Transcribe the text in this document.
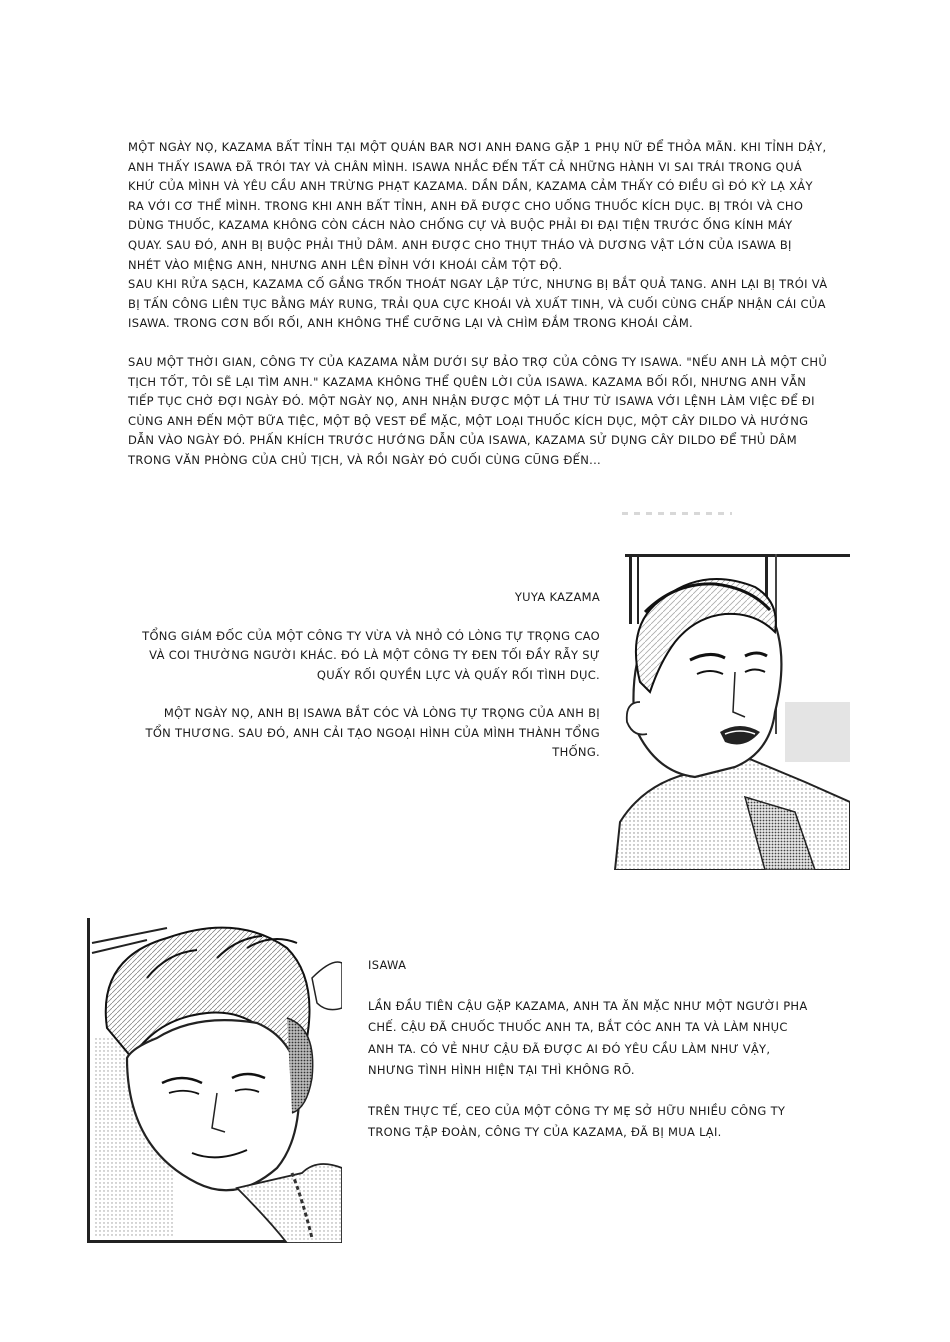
MỘT NGÀY NỌ, KAZAMA BẤT TỈNH TẠI MỘT QUÁN BAR NƠI ANH ĐANG GẶP 1 PHỤ NỮ ĐỂ THỎA MÃN. KHI TỈNH DẬY, ANH THẤY ISAWA ĐÃ TRÓI TAY VÀ CHÂN MÌNH. ISAWA NHẮC ĐẾN TẤT CẢ NHỮNG HÀNH VI SAI TRÁI TRONG QUÁ KHỨ CỦA MÌNH VÀ YÊU CẦU ANH TRỪNG PHẠT KAZAMA. DẦN DẦN, KAZAMA CẢM THẤY CÓ ĐIỀU GÌ ĐÓ KỲ LẠ XẢY RA VỚI CƠ THỂ MÌNH. TRONG KHI ANH BẤT TỈNH, ANH ĐÃ ĐƯỢC CHO UỐNG THUỐC KÍCH DỤC. BỊ TRÓI VÀ CHO DÙNG THUỐC, KAZAMA KHÔNG CÒN CÁCH NÀO CHỐNG CỰ VÀ BUỘC PHẢI ĐI ĐẠI TIỆN TRƯỚC ỐNG KÍNH MÁY QUAY. SAU ĐÓ, ANH BỊ BUỘC PHẢI THỦ DÂM. ANH ĐƯỢC CHO THỤT THÁO VÀ DƯƠNG VẬT LỚN CỦA ISAWA BỊ NHÉT VÀO MIỆNG ANH, NHƯNG ANH LÊN ĐỈNH VỚI KHOÁI CẢM TỘT ĐỘ.

SAU KHI RỬA SẠCH, KAZAMA CỐ GẮNG TRỐN THOÁT NGAY LẬP TỨC, NHƯNG BỊ BẮT QUẢ TANG. ANH LẠI BỊ TRÓI VÀ BỊ TẤN CÔNG LIÊN TỤC BẰNG MÁY RUNG, TRẢI QUA CỰC KHOÁI VÀ XUẤT TINH, VÀ CUỐI CÙNG CHẤP NHẬN CÁI CỦA ISAWA. TRONG CƠN BỐI RỐI, ANH KHÔNG THỂ CƯỠNG LẠI VÀ CHÌM ĐẮM TRONG KHOÁI CẢM.

SAU MỘT THỜI GIAN, CÔNG TY CỦA KAZAMA NẰM DƯỚI SỰ BẢO TRỢ CỦA CÔNG TY ISAWA. "NẾU ANH LÀ MỘT CHỦ TỊCH TỐT, TÔI SẼ LẠI TÌM ANH." KAZAMA KHÔNG THỂ QUÊN LỜI CỦA ISAWA. KAZAMA BỐI RỐI, NHƯNG ANH VẪN TIẾP TỤC CHỜ ĐỢI NGÀY ĐÓ. MỘT NGÀY NỌ, ANH NHẬN ĐƯỢC MỘT LÁ THƯ TỪ ISAWA VỚI LỆNH LÀM VIỆC ĐỂ ĐI CÙNG ANH ĐẾN MỘT BỮA TIỆC, MỘT BỘ VEST ĐỂ MẶC, MỘT LOẠI THUỐC KÍCH DỤC, MỘT CÂY DILDO VÀ HƯỚNG DẪN VÀO NGÀY ĐÓ. PHẤN KHÍCH TRƯỚC HƯỚNG DẪN CỦA ISAWA, KAZAMA SỬ DỤNG CÂY DILDO ĐỂ THỦ DÂM TRONG VĂN PHÒNG CỦA CHỦ TỊCH, VÀ RỒI NGÀY ĐÓ CUỐI CÙNG CŨNG ĐẾN...

YUYA KAZAMA

TỔNG GIÁM ĐỐC CỦA MỘT CÔNG TY VỪA VÀ NHỎ CÓ LÒNG TỰ TRỌNG CAO VÀ COI THƯỜNG NGƯỜI KHÁC. ĐÓ LÀ MỘT CÔNG TY ĐEN TỐI ĐẦY RẪY SỰ QUẤY RỐI QUYỀN LỰC VÀ QUẤY RỐI TÌNH DỤC.

MỘT NGÀY NỌ, ANH BỊ ISAWA BẮT CÓC VÀ LÒNG TỰ TRỌNG CỦA ANH BỊ TỔN THƯƠNG. SAU ĐÓ, ANH CẢI TẠO NGOẠI HÌNH CỦA MÌNH THÀNH TỔNG THỐNG.

ISAWA

LẦN ĐẦU TIÊN CẬU GẶP KAZAMA, ANH TA ĂN MẶC NHƯ MỘT NGƯỜI PHA CHẾ. CẬU ĐÃ CHUỐC THUỐC ANH TA, BẮT CÓC ANH TA VÀ LÀM NHỤC ANH TA. CÓ VẺ NHƯ CẬU ĐÃ ĐƯỢC AI ĐÓ YÊU CẦU LÀM NHƯ VẬY, NHƯNG TÌNH HÌNH HIỆN TẠI THÌ KHÔNG RÕ.

TRÊN THỰC TẾ, CEO CỦA MỘT CÔNG TY MẸ SỞ HỮU NHIỀU CÔNG TY TRONG TẬP ĐOÀN, CÔNG TY CỦA KAZAMA, ĐÃ BỊ MUA LẠI.
